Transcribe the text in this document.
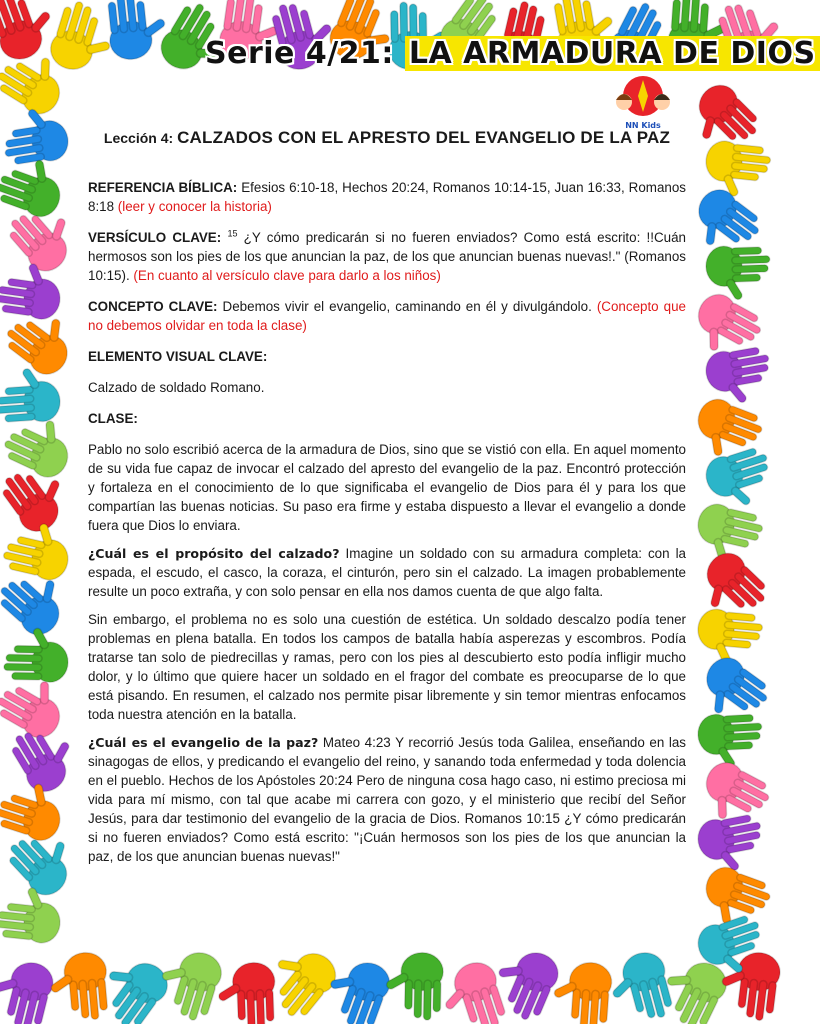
Serie 4/21: LA ARMADURA DE DIOS
NN Kids
Lección 4: CALZADOS CON EL APRESTO DEL EVANGELIO DE LA PAZ

REFERENCIA BÍBLICA: Efesios 6:10-18, Hechos 20:24, Romanos 10:14-15, Juan 16:33, Romanos 8:18 (leer y conocer la historia)

VERSÍCULO CLAVE: $^{15}$ ¿Y cómo predicarán si no fueren enviados? Como está escrito: !!Cuán hermosos son los pies de los que anuncian la paz, de los que anuncian buenas nuevas!." (Romanos 10:15). (En cuanto al versículo clave para darlo a los niños)

CONCEPTO CLAVE: Debemos vivir el evangelio, caminando en él y divulgándolo. (Concepto que no debemos olvidar en toda la clase)

ELEMENTO VISUAL CLAVE:

Calzado de soldado Romano.

CLASE:

Pablo no solo escribió acerca de la armadura de Dios, sino que se vistió con ella. En aquel momento de su vida fue capaz de invocar el calzado del apresto del evangelio de la paz. Encontró protección y fortaleza en el conocimiento de lo que significaba el evangelio de Dios para él y para los que compartían las buenas noticias. Su paso era firme y estaba dispuesto a llevar el evangelio a donde fuera que Dios lo enviara.

¿Cuál es el propósito del calzado? Imagine un soldado con su armadura completa: con la espada, el escudo, el casco, la coraza, el cinturón, pero sin el calzado. La imagen probablemente resulte un poco extraña, y con solo pensar en ella nos damos cuenta de que algo falta.

Sin embargo, el problema no es solo una cuestión de estética. Un soldado descalzo podía tener problemas en plena batalla. En todos los campos de batalla había asperezas y escombros. Podía tratarse tan solo de piedrecillas y ramas, pero con los pies al descubierto esto podía infligir mucho dolor, y lo último que quiere hacer un soldado en el fragor del combate es preocuparse de lo que está pisando. En resumen, el calzado nos permite pisar libremente y sin temor mientras enfocamos toda nuestra atención en la batalla.

¿Cuál es el evangelio de la paz? Mateo 4:23 Y recorrió Jesús toda Galilea, enseñando en las sinagogas de ellos, y predicando el evangelio del reino, y sanando toda enfermedad y toda dolencia en el pueblo. Hechos de los Apóstoles 20:24 Pero de ninguna cosa hago caso, ni estimo preciosa mi vida para mí mismo, con tal que acabe mi carrera con gozo, y el ministerio que recibí del Señor Jesús, para dar testimonio del evangelio de la gracia de Dios. Romanos 10:15 ¿Y cómo predicarán si no fueren enviados? Como está escrito: "¡Cuán hermosos son los pies de los que anuncian la paz, de los que anuncian buenas nuevas!"
